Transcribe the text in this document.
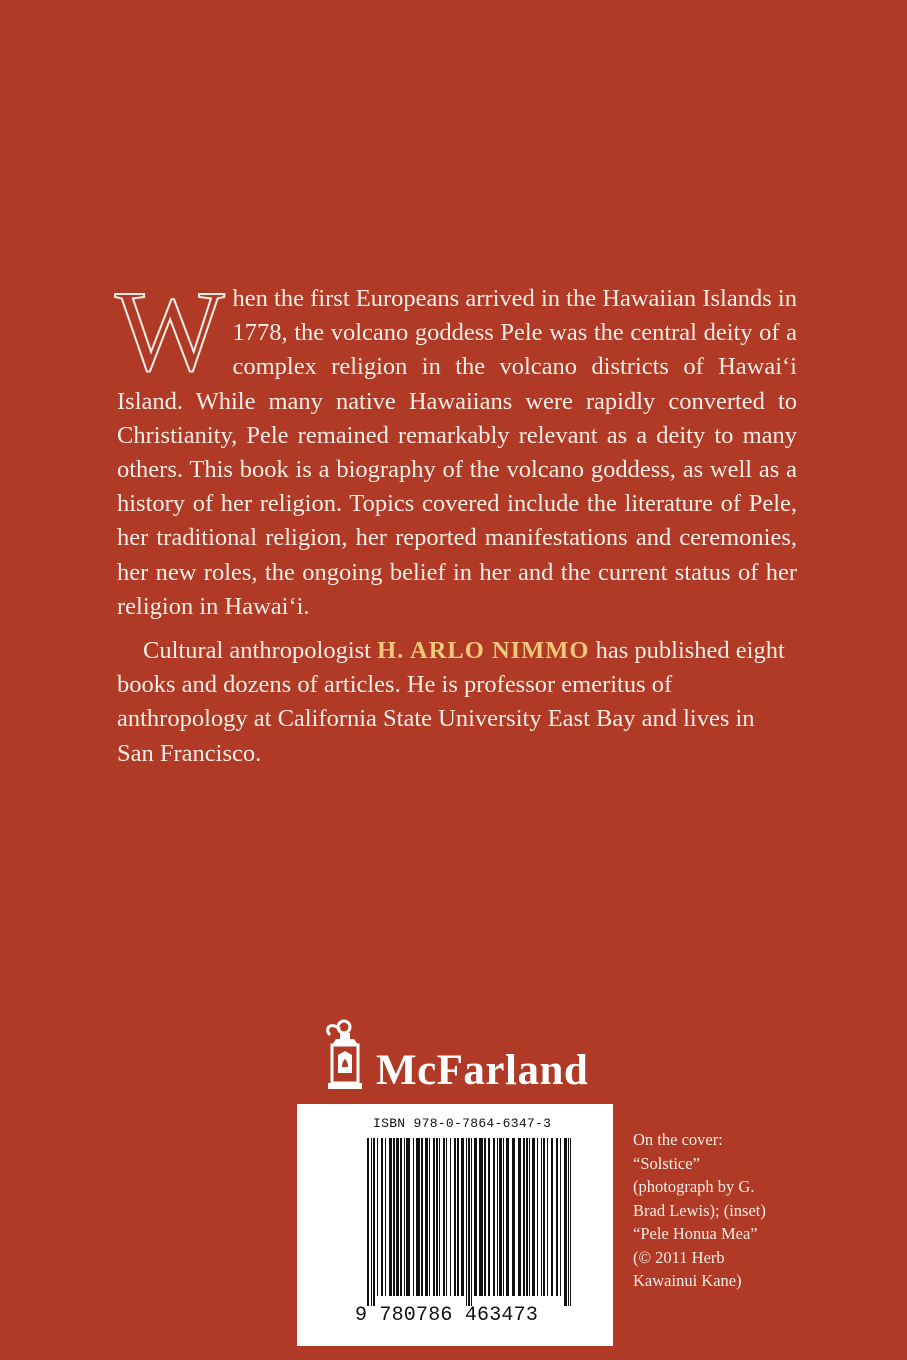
When the first Europeans arrived in the Hawaiian Islands in 1778, the volcano goddess Pele was the central deity of a complex religion in the volcano districts of Hawai‘i Island. While many native Hawaiians were rapidly converted to Christianity, Pele remained remarkably relevant as a deity to many others. This book is a biography of the volcano goddess, as well as a history of her religion. Topics covered include the literature of Pele, her traditional religion, her reported manifestations and ceremonies, her new roles, the ongoing belief in her and the current status of her religion in Hawai‘i.

Cultural anthropologist H. ARLO NIMMO has published eight books and dozens of articles. He is professor emeritus of anthropology at California State University East Bay and lives in San Francisco.

McFarland
ISBN 978-0-7864-6347-3
9 780786 463473
On the cover:
“Solstice”
(photograph by G.
Brad Lewis); (inset)
“Pele Honua Mea”
(© 2011 Herb
Kawainui Kane)
